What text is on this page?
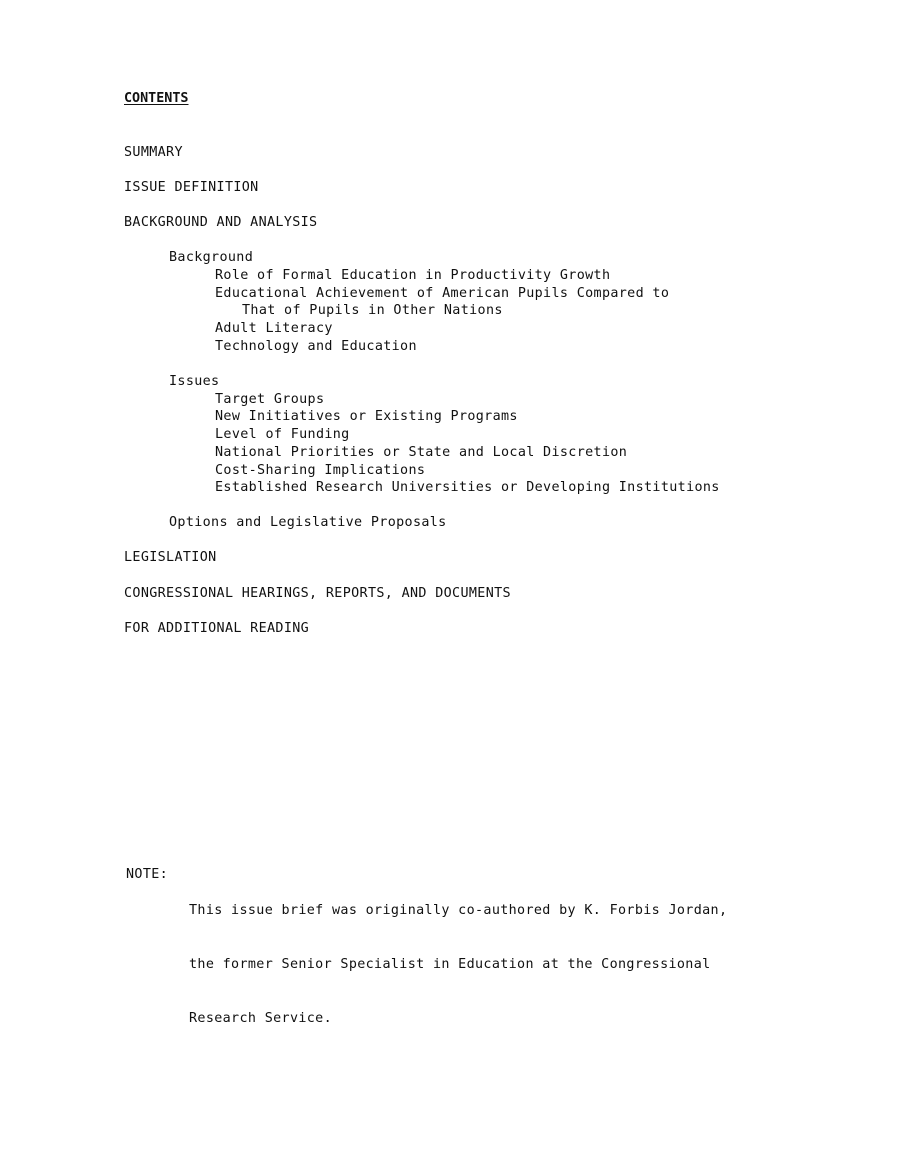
CONTENTS
SUMMARY
ISSUE DEFINITION
BACKGROUND AND ANALYSIS
Background
Role of Formal Education in Productivity Growth
Educational Achievement of American Pupils Compared to
That of Pupils in Other Nations
Adult Literacy
Technology and Education
Issues
Target Groups
New Initiatives or Existing Programs
Level of Funding
National Priorities or State and Local Discretion
Cost-Sharing Implications
Established Research Universities or Developing Institutions
Options and Legislative Proposals
LEGISLATION
CONGRESSIONAL HEARINGS, REPORTS, AND DOCUMENTS
FOR ADDITIONAL READING
NOTE:

This issue brief was originally co-authored by K. Forbis Jordan,

the former Senior Specialist in Education at the Congressional

Research Service.
